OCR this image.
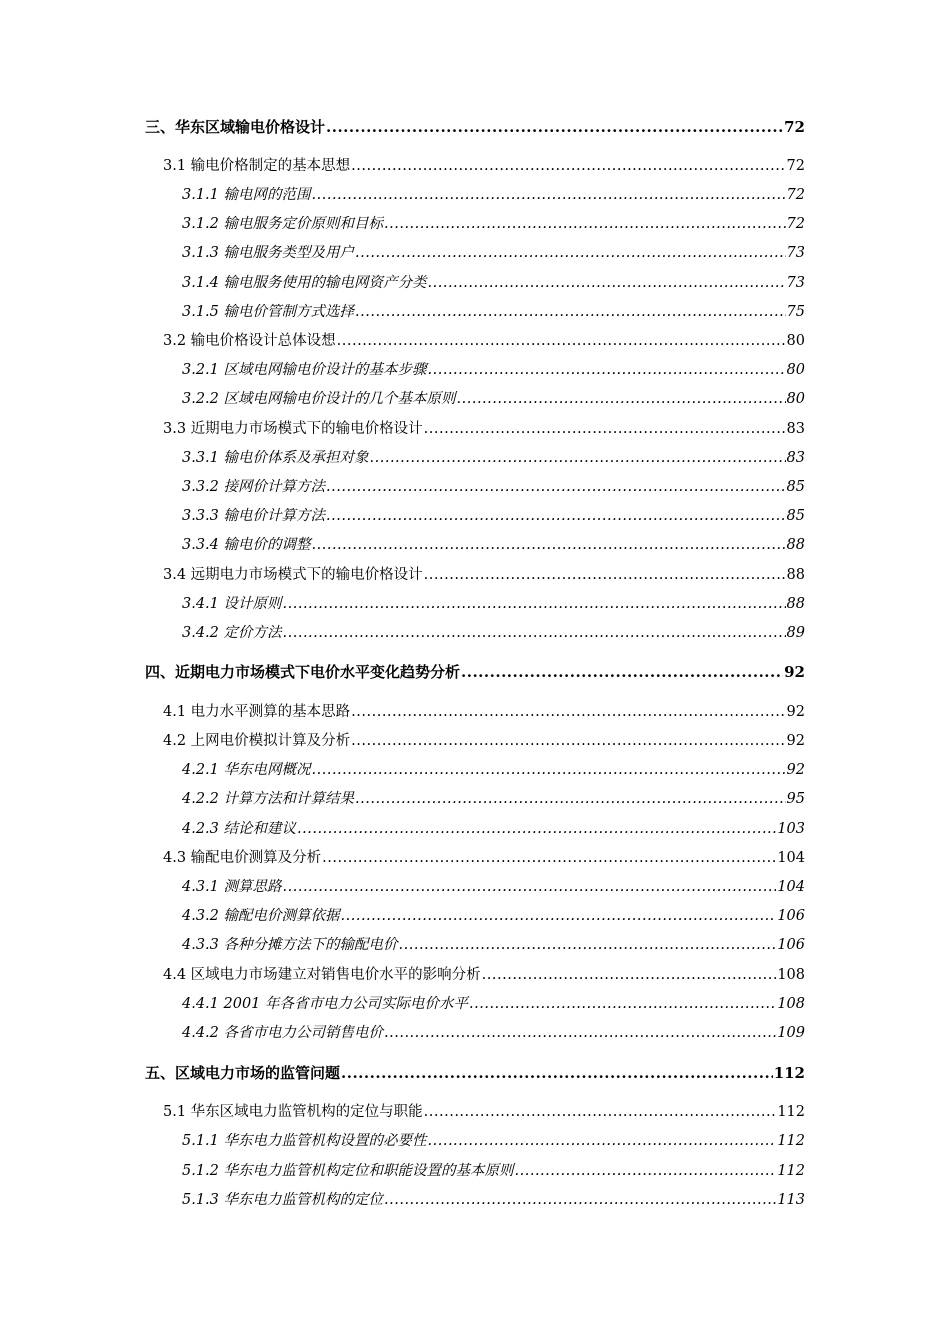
三、华东区域输电价格设计 .....	72
3.1 输电价格制定的基本思想 .....	72
3.1.1 输电网的范围 .....	72
3.1.2 输电服务定价原则和目标 .....	72
3.1.3 输电服务类型及用户 .....	73
3.1.4 输电服务使用的输电网资产分类 .....	73
3.1.5 输电价管制方式选择 .....	75
3.2 输电价格设计总体设想 .....	80
3.2.1 区域电网输电价设计的基本步骤 .....	80
3.2.2 区域电网输电价设计的几个基本原则 .....	80
3.3 近期电力市场模式下的输电价格设计 .....	83
3.3.1 输电价体系及承担对象 .....	83
3.3.2 接网价计算方法 .....	85
3.3.3 输电价计算方法 .....	85
3.3.4 输电价的调整 .....	88
3.4 远期电力市场模式下的输电价格设计 .....	88
3.4.1 设计原则 .....	88
3.4.2 定价方法 .....	89
四、近期电力市场模式下电价水平变化趋势分析 .....	92
4.1 电力水平测算的基本思路 .....	92
4.2 上网电价模拟计算及分析 .....	92
4.2.1 华东电网概况 .....	92
4.2.2 计算方法和计算结果 .....	95
4.2.3 结论和建议 .....	103
4.3 输配电价测算及分析 .....	104
4.3.1 测算思路 .....	104
4.3.2 输配电价测算依据 .....	106
4.3.3 各种分摊方法下的输配电价 .....	106
4.4 区域电力市场建立对销售电价水平的影响分析 .....	108
4.4.1 2001 年各省市电力公司实际电价水平 .....	108
4.4.2 各省市电力公司销售电价 .....	109
五、区域电力市场的监管问题 .....	112
5.1 华东区域电力监管机构的定位与职能 .....	112
5.1.1 华东电力监管机构设置的必要性 .....	112
5.1.2 华东电力监管机构定位和职能设置的基本原则 .....	112
5.1.3 华东电力监管机构的定位 .....	113
